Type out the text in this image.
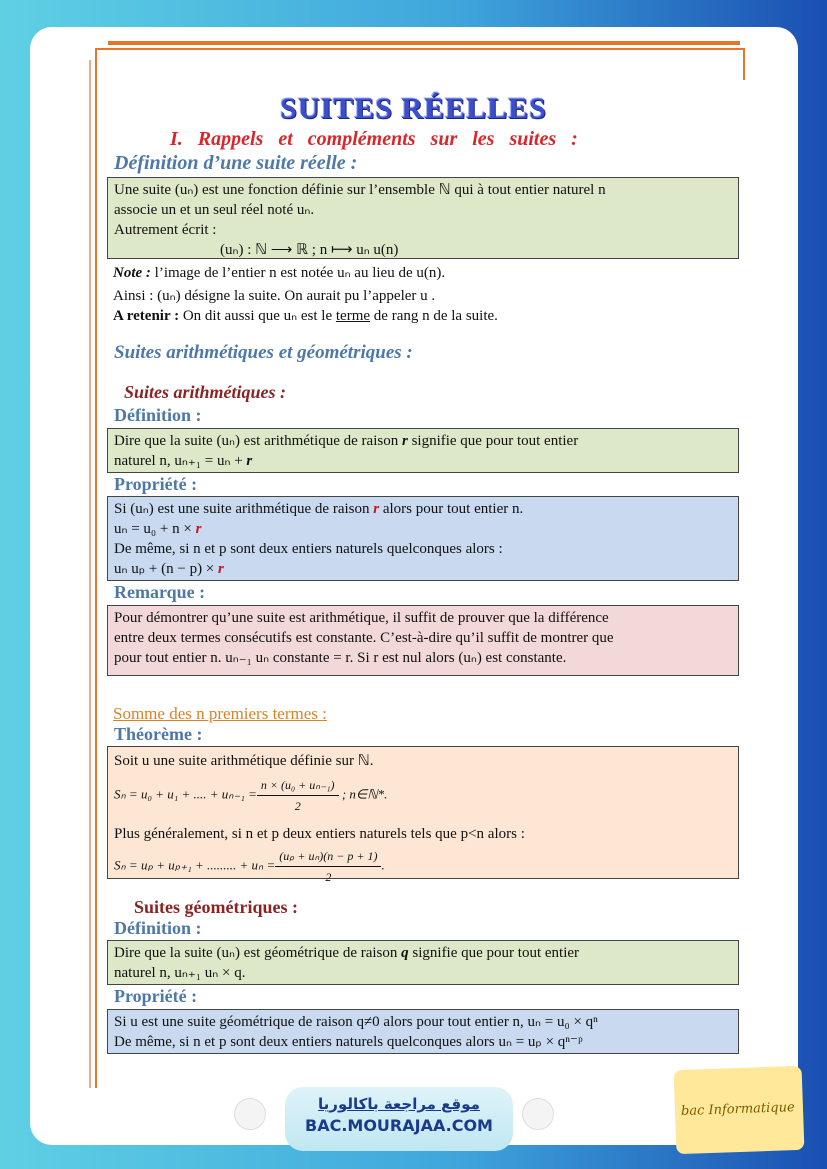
SUITES RÉELLES
I. Rappels et compléments sur les suites :
Définition d’une suite réelle :
Une suite (uₙ) est une fonction définie sur l’ensemble ℕ qui à tout entier naturel n
associe un et un seul réel noté uₙ.
Autrement écrit :
(uₙ) : ℕ ⟶ ℝ ; n ⟼ uₙ u(n)
Note : l’image de l’entier n est notée uₙ au lieu de u(n).
Ainsi : (uₙ) désigne la suite. On aurait pu l’appeler u .
A retenir : On dit aussi que uₙ est le terme de rang n de la suite.
Suites arithmétiques et géométriques :
Suites arithmétiques :
Définition :
Dire que la suite (uₙ) est arithmétique de raison r signifie que pour tout entier
naturel n, uₙ₊₁ = uₙ + r
Propriété :
Si (uₙ) est une suite arithmétique de raison r alors pour tout entier n.
uₙ = u₀ + n × r
De même, si n et p sont deux entiers naturels quelconques alors :
uₙ uₚ + (n − p) × r
Remarque :
Pour démontrer qu’une suite est arithmétique, il suffit de prouver que la différence
entre deux termes consécutifs est constante. C’est-à-dire qu’il suffit de montrer que
pour tout entier n. uₙ₋₁ uₙ constante = r. Si r est nul alors (uₙ) est constante.
Somme des n premiers termes :
Théorème :
Soit u une suite arithmétique définie sur ℕ.
Sₙ = u₀ + u₁ + .... + $u_{n-1} = \frac{\text{n × (u₀ + uₙ₋₁)}}{2}$ ; n∈ℕ*.
Plus généralement, si n et p deux entiers naturels tels que p<n alors :
Sₙ = uₚ + uₚ₊₁ + ......... + $u_n = \frac{\text{(uₚ + uₙ)(n − p + 1)}}{2}$ .
Suites géométriques :
Définition :
Dire que la suite (uₙ) est géométrique de raison q signifie que pour tout entier
naturel n, uₙ₊₁ uₙ × q.
Propriété :
Si u est une suite géométrique de raison q≠0 alors pour tout entier n, uₙ = u₀ × qⁿ
De même, si n et p sont deux entiers naturels quelconques alors uₙ = uₚ × qⁿ⁻ᵖ
موقع مراجعة باكالوريا
BAC.MOURAJAA.COM
bac Informatique
